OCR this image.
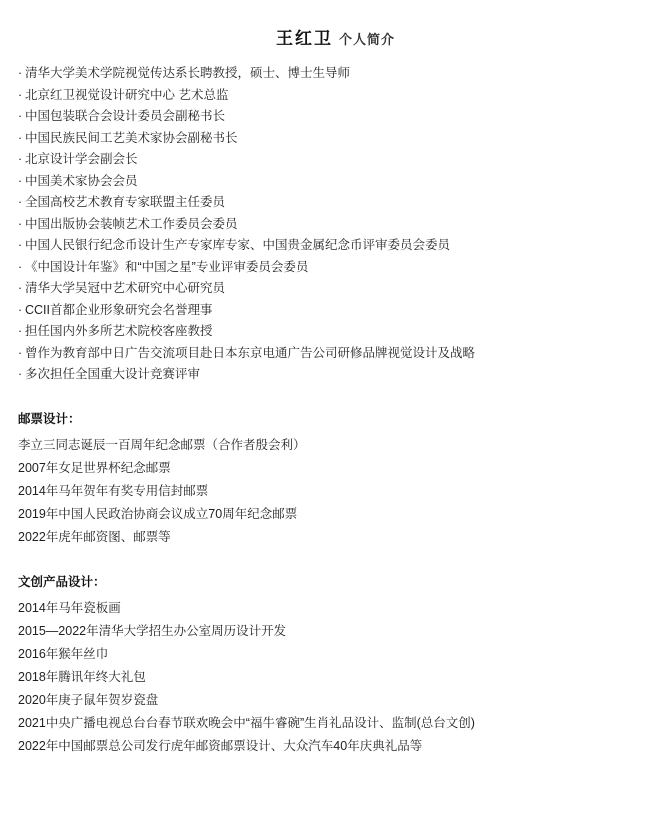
王红卫 个人简介
· 清华大学美术学院视觉传达系长聘教授，硕士、博士生导师
· 北京红卫视觉设计研究中心 艺术总监
· 中国包装联合会设计委员会副秘书长
· 中国民族民间工艺美术家协会副秘书长
· 北京设计学会副会长
· 中国美术家协会会员
· 全国高校艺术教育专家联盟主任委员
· 中国出版协会装帧艺术工作委员会委员
· 中国人民银行纪念币设计生产专家库专家、中国贵金属纪念币评审委员会委员
· 《中国设计年鉴》和“中国之星”专业评审委员会委员
· 清华大学吴冠中艺术研究中心研究员
· CCII首都企业形象研究会名誉理事
· 担任国内外多所艺术院校客座教授
· 曾作为教育部中日广告交流项目赴日本东京电通广告公司研修品牌视觉设计及战略
· 多次担任全国重大设计竞赛评审
邮票设计：
李立三同志诞辰一百周年纪念邮票（合作者殷会利）
2007年女足世界杯纪念邮票
2014年马年贺年有奖专用信封邮票
2019年中国人民政治协商会议成立70周年纪念邮票
2022年虎年邮资图、邮票等
文创产品设计：
2014年马年瓷板画
2015—2022年清华大学招生办公室周历设计开发
2016年猴年丝巾
2018年腾讯年终大礼包
2020年庚子鼠年贺岁瓷盘
2021中央广播电视总台台春节联欢晚会中“福牛睿碗”生肖礼品设计、监制(总台文创)
2022年中国邮票总公司发行虎年邮资邮票设计、大众汽车40年庆典礼品等
